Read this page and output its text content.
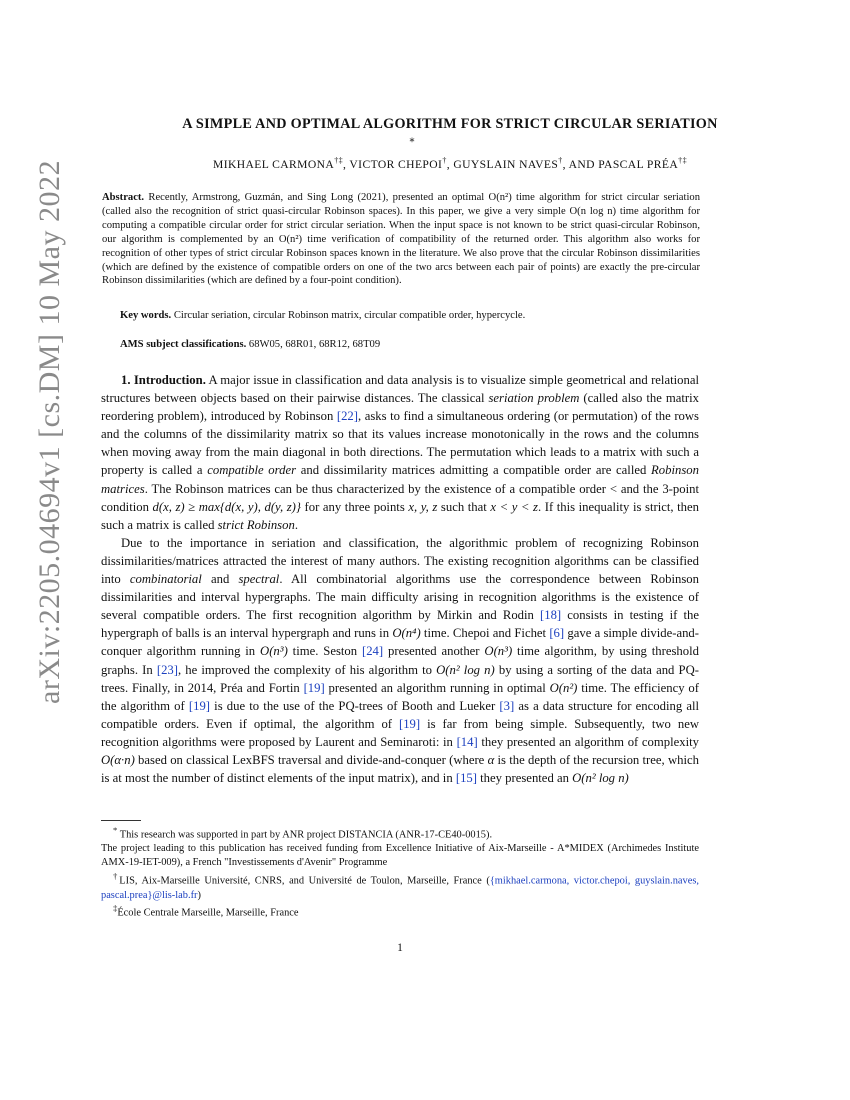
arXiv:2205.04694v1 [cs.DM] 10 May 2022
A SIMPLE AND OPTIMAL ALGORITHM FOR STRICT CIRCULAR SERIATION
*
MIKHAEL CARMONA†‡, VICTOR CHEPOI†, GUYSLAIN NAVES†, AND PASCAL PRÉA†‡
Abstract. Recently, Armstrong, Guzmán, and Sing Long (2021), presented an optimal O(n²) time algorithm for strict circular seriation (called also the recognition of strict quasi-circular Robinson spaces). In this paper, we give a very simple O(n log n) time algorithm for computing a compatible circular order for strict circular seriation. When the input space is not known to be strict quasi-circular Robinson, our algorithm is complemented by an O(n²) time verification of compatibility of the returned order. This algorithm also works for recognition of other types of strict circular Robinson spaces known in the literature. We also prove that the circular Robinson dissimilarities (which are defined by the existence of compatible orders on one of the two arcs between each pair of points) are exactly the pre-circular Robinson dissimilarities (which are defined by a four-point condition).
Key words. Circular seriation, circular Robinson matrix, circular compatible order, hypercycle.
AMS subject classifications. 68W05, 68R01, 68R12, 68T09

1. Introduction. A major issue in classification and data analysis is to visualize simple geometrical and relational structures between objects based on their pairwise distances. The classical seriation problem (called also the matrix reordering problem), introduced by Robinson [22], asks to find a simultaneous ordering (or permutation) of the rows and the columns of the dissimilarity matrix so that its values increase monotonically in the rows and the columns when moving away from the main diagonal in both directions. The permutation which leads to a matrix with such a property is called a compatible order and dissimilarity matrices admitting a compatible order are called Robinson matrices. The Robinson matrices can be thus characterized by the existence of a compatible order < and the 3-point condition d(x, z) ≥ max{d(x, y), d(y, z)} for any three points x, y, z such that x < y < z. If this inequality is strict, then such a matrix is called strict Robinson.

Due to the importance in seriation and classification, the algorithmic problem of recognizing Robinson dissimilarities/matrices attracted the interest of many authors. The existing recognition algorithms can be classified into combinatorial and spectral. All combinatorial algorithms use the correspondence between Robinson dissimilarities and interval hypergraphs. The main difficulty arising in recognition algorithms is the existence of several compatible orders. The first recognition algorithm by Mirkin and Rodin [18] consists in testing if the hypergraph of balls is an interval hypergraph and runs in O(n⁴) time. Chepoi and Fichet [6] gave a simple divide-and-conquer algorithm running in O(n³) time. Seston [24] presented another O(n³) time algorithm, by using threshold graphs. In [23], he improved the complexity of his algorithm to O(n² log n) by using a sorting of the data and PQ-trees. Finally, in 2014, Préa and Fortin [19] presented an algorithm running in optimal O(n²) time. The efficiency of the algorithm of [19] is due to the use of the PQ-trees of Booth and Lueker [3] as a data structure for encoding all compatible orders. Even if optimal, the algorithm of [19] is far from being simple. Subsequently, two new recognition algorithms were proposed by Laurent and Seminaroti: in [14] they presented an algorithm of complexity O(α·n) based on classical LexBFS traversal and divide-and-conquer (where α is the depth of the recursion tree, which is at most the number of distinct elements of the input matrix), and in [15] they presented an O(n² log n)

* This research was supported in part by ANR project DISTANCIA (ANR-17-CE40-0015).

The project leading to this publication has received funding from Excellence Initiative of Aix-Marseille - A*MIDEX (Archimedes Institute AMX-19-IET-009), a French "Investissements d'Avenir" Programme

†LIS, Aix-Marseille Université, CNRS, and Université de Toulon, Marseille, France ({mikhael.carmona, victor.chepoi, guyslain.naves, pascal.prea}@lis-lab.fr)

‡École Centrale Marseille, Marseille, France

1
